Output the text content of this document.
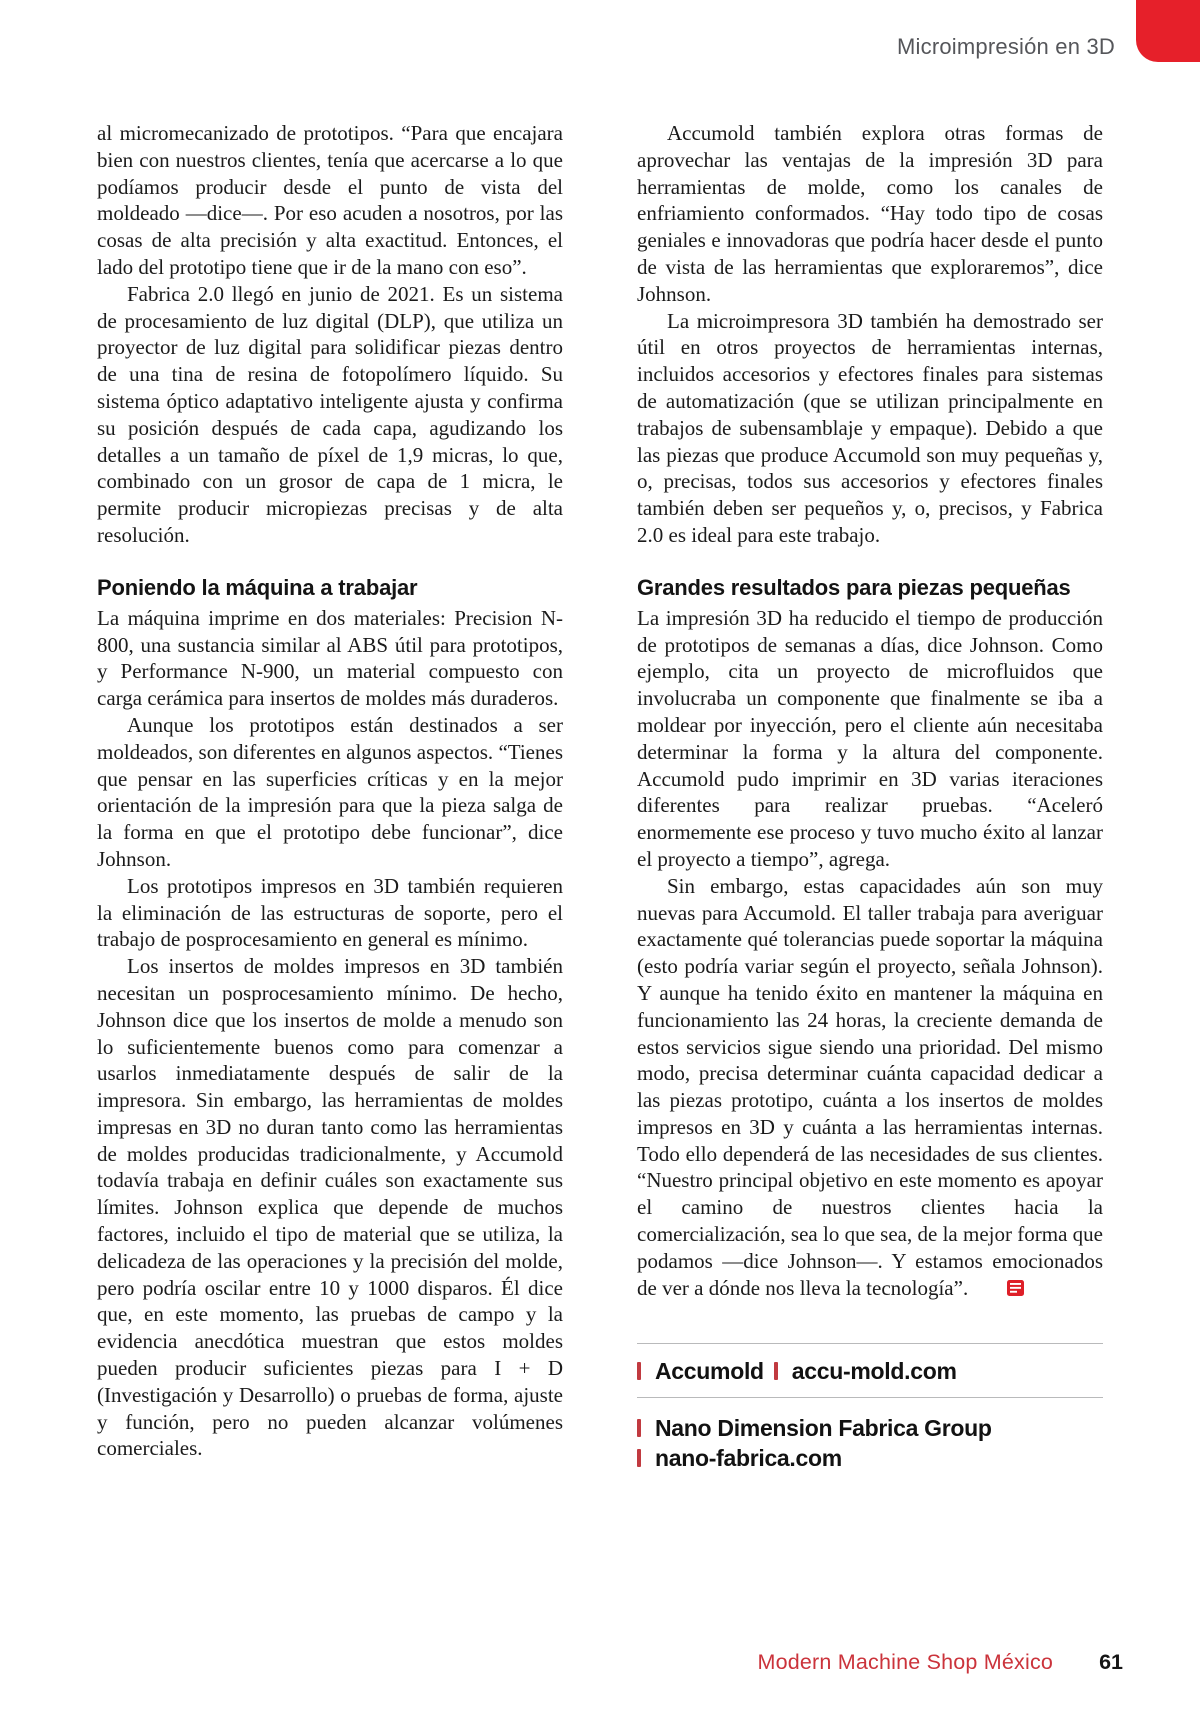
Microimpresión en 3D

al micromecanizado de prototipos. “Para que encajara bien con nuestros clientes, tenía que acercarse a lo que podíamos producir desde el punto de vista del moldeado —dice—. Por eso acuden a nosotros, por las cosas de alta precisión y alta exactitud. Entonces, el lado del prototipo tiene que ir de la mano con eso”.

Fabrica 2.0 llegó en junio de 2021. Es un sistema de procesamiento de luz digital (DLP), que utiliza un proyector de luz digital para solidificar piezas dentro de una tina de resina de fotopolímero líquido. Su sistema óptico adaptativo inteligente ajusta y confirma su posición después de cada capa, agudizando los detalles a un tamaño de píxel de 1,9 micras, lo que, combinado con un grosor de capa de 1 micra, le permite producir micropiezas precisas y de alta resolución.

Poniendo la máquina a trabajar

La máquina imprime en dos materiales: Precision N-800, una sustancia similar al ABS útil para prototipos, y Performance N-900, un material compuesto con carga cerámica para insertos de moldes más duraderos.

Aunque los prototipos están destinados a ser moldeados, son diferentes en algunos aspectos. “Tienes que pensar en las superficies críticas y en la mejor orientación de la impresión para que la pieza salga de la forma en que el prototipo debe funcionar”, dice Johnson.

Los prototipos impresos en 3D también requieren la eliminación de las estructuras de soporte, pero el trabajo de posprocesamiento en general es mínimo.

Los insertos de moldes impresos en 3D también necesitan un posprocesamiento mínimo. De hecho, Johnson dice que los insertos de molde a menudo son lo suficientemente buenos como para comenzar a usarlos inmediatamente después de salir de la impresora. Sin embargo, las herramientas de moldes impresas en 3D no duran tanto como las herramientas de moldes producidas tradicionalmente, y Accumold todavía trabaja en definir cuáles son exactamente sus límites. Johnson explica que depende de muchos factores, incluido el tipo de material que se utiliza, la delicadeza de las operaciones y la precisión del molde, pero podría oscilar entre 10 y 1000 disparos. Él dice que, en este momento, las pruebas de campo y la evidencia anecdótica muestran que estos moldes pueden producir suficientes piezas para I + D (Investigación y Desarrollo) o pruebas de forma, ajuste y función, pero no pueden alcanzar volúmenes comerciales.

Accumold también explora otras formas de aprovechar las ventajas de la impresión 3D para herramientas de molde, como los canales de enfriamiento conformados. “Hay todo tipo de cosas geniales e innovadoras que podría hacer desde el punto de vista de las herramientas que exploraremos”, dice Johnson.

La microimpresora 3D también ha demostrado ser útil en otros proyectos de herramientas internas, incluidos accesorios y efectores finales para sistemas de automatización (que se utilizan principalmente en trabajos de subensamblaje y empaque). Debido a que las piezas que produce Accumold son muy pequeñas y, o, precisas, todos sus accesorios y efectores finales también deben ser pequeños y, o, precisos, y Fabrica 2.0 es ideal para este trabajo.

Grandes resultados para piezas pequeñas

La impresión 3D ha reducido el tiempo de producción de prototipos de semanas a días, dice Johnson. Como ejemplo, cita un proyecto de microfluidos que involucraba un componente que finalmente se iba a moldear por inyección, pero el cliente aún necesitaba determinar la forma y la altura del componente. Accumold pudo imprimir en 3D varias iteraciones diferentes para realizar pruebas. “Aceleró enormemente ese proceso y tuvo mucho éxito al lanzar el proyecto a tiempo”, agrega.

Sin embargo, estas capacidades aún son muy nuevas para Accumold. El taller trabaja para averiguar exactamente qué tolerancias puede soportar la máquina (esto podría variar según el proyecto, señala Johnson). Y aunque ha tenido éxito en mantener la máquina en funcionamiento las 24 horas, la creciente demanda de estos servicios sigue siendo una prioridad. Del mismo modo, precisa determinar cuánta capacidad dedicar a las piezas prototipo, cuánta a los insertos de moldes impresos en 3D y cuánta a las herramientas internas. Todo ello dependerá de las necesidades de sus clientes. “Nuestro principal objetivo en este momento es apoyar el camino de nuestros clientes hacia la comercialización, sea lo que sea, de la mejor forma que podamos —dice Johnson—. Y estamos emocionados de ver a dónde nos lleva la tecnología”.

Accumold accu-mold.com
Nano Dimension Fabrica Group
nano-fabrica.com
Modern Machine Shop México 61
